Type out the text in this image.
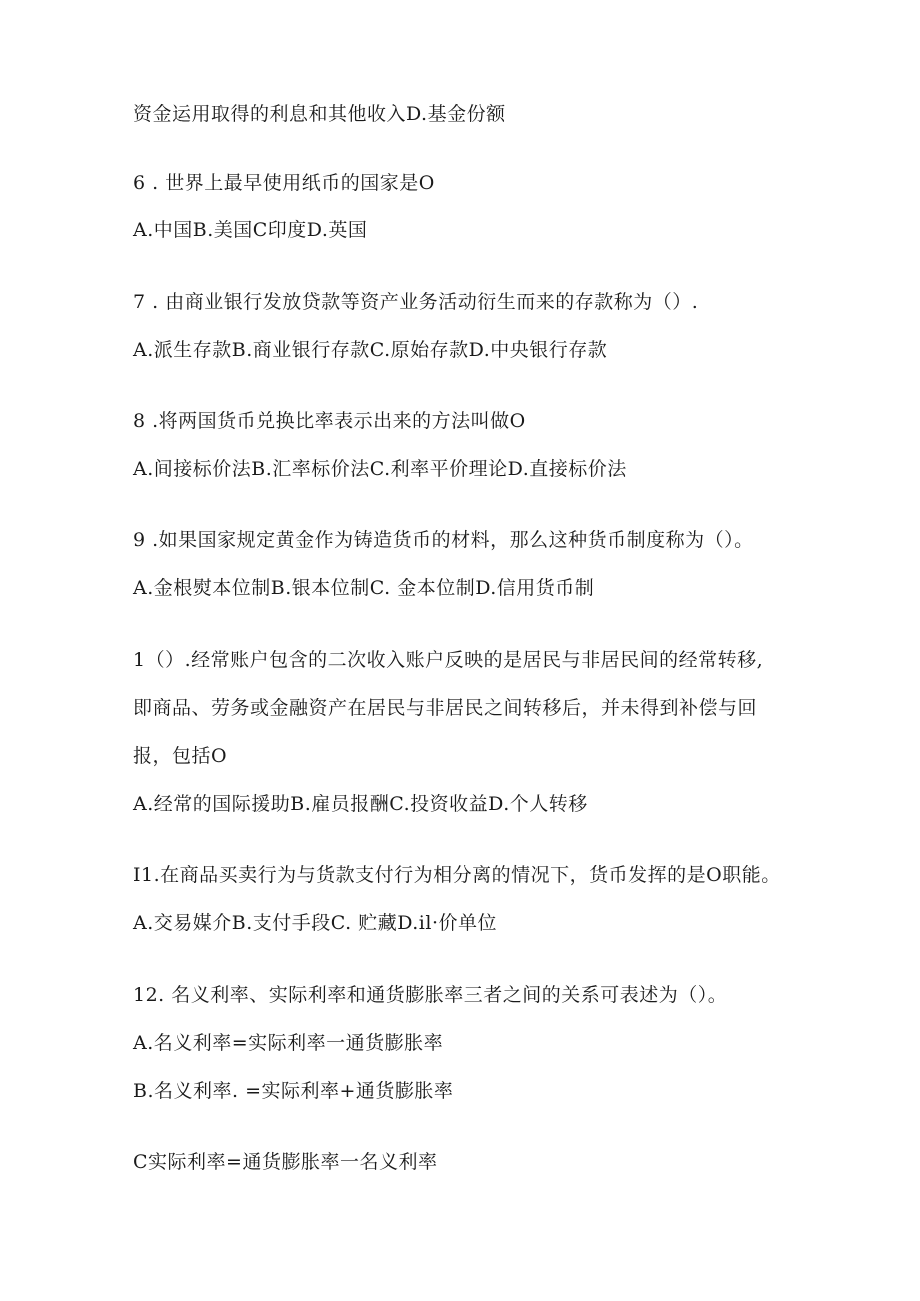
资金运用取得的利息和其他收入D.基金份额
6 . 世界上最早使用纸币的国家是O
A.中国B.美国C印度D.英国
7 . 由商业银行发放贷款等资产业务活动衍生而来的存款称为（）.
A.派生存款B.商业银行存款C.原始存款D.中央银行存款
8 .将两国货币兑换比率表示出来的方法叫做O
A.间接标价法B.汇率标价法C.利率平价理论D.直接标价法
9 .如果国家规定黄金作为铸造货币的材料，那么这种货币制度称为（）。
A.金根熨本位制B.银本位制C. 金本位制D.信用货币制
1（）.经常账户包含的二次收入账户反映的是居民与非居民间的经常转移,
即商品、劳务或金融资产在居民与非居民之间转移后，并未得到补偿与回
报，包括O
A.经常的国际援助B.雇员报酬C.投资收益D.个人转移
I1.在商品买卖行为与货款支付行为相分离的情况下，货币发挥的是O职能。
A.交易媒介B.支付手段C. 贮藏D.il·价单位
12. 名义利率、实际利率和通货膨胀率三者之间的关系可表述为（）。
A.名义利率=实际利率一通货膨胀率
B.名义利率. =实际利率+通货膨胀率
C实际利率=通货膨胀率一名义利率
